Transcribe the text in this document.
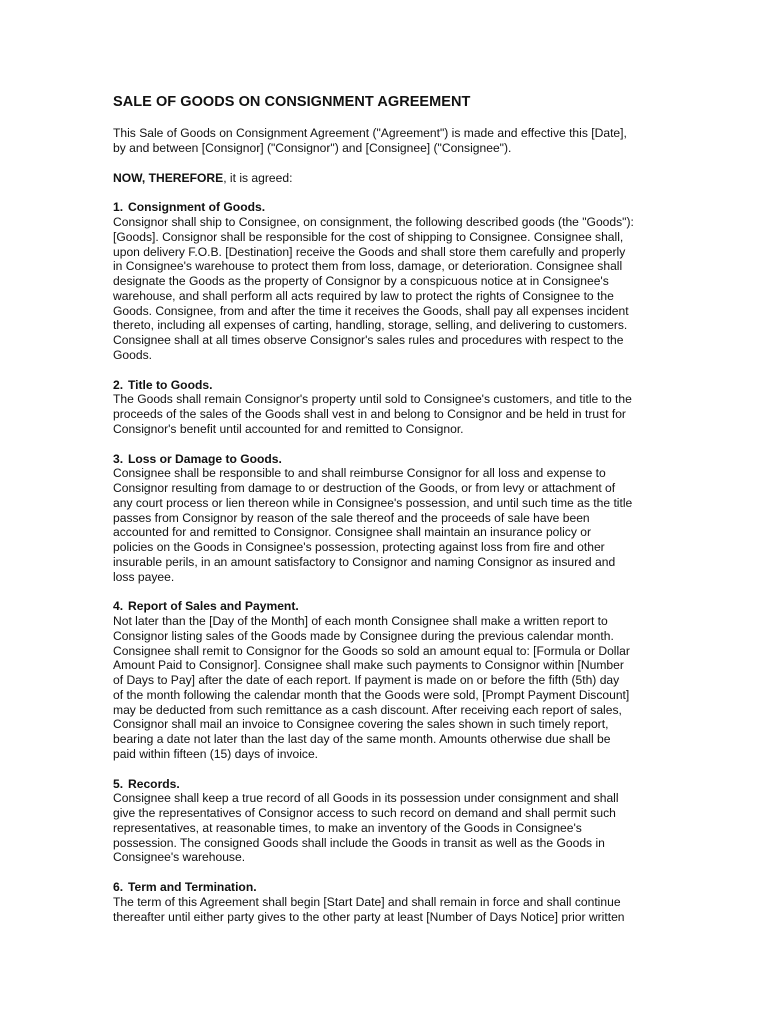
SALE OF GOODS ON CONSIGNMENT AGREEMENT

This Sale of Goods on Consignment Agreement ("Agreement") is made and effective this [Date],
by and between [Consignor] ("Consignor") and [Consignee] ("Consignee").

NOW, THEREFORE, it is agreed:

1. Consignment of Goods.
Consignor shall ship to Consignee, on consignment, the following described goods (the "Goods"):
[Goods]. Consignor shall be responsible for the cost of shipping to Consignee. Consignee shall,
upon delivery F.O.B. [Destination] receive the Goods and shall store them carefully and properly
in Consignee's warehouse to protect them from loss, damage, or deterioration. Consignee shall
designate the Goods as the property of Consignor by a conspicuous notice at in Consignee's
warehouse, and shall perform all acts required by law to protect the rights of Consignee to the
Goods. Consignee, from and after the time it receives the Goods, shall pay all expenses incident
thereto, including all expenses of carting, handling, storage, selling, and delivering to customers.
Consignee shall at all times observe Consignor's sales rules and procedures with respect to the
Goods.
2. Title to Goods.
The Goods shall remain Consignor's property until sold to Consignee's customers, and title to the
proceeds of the sales of the Goods shall vest in and belong to Consignor and be held in trust for
Consignor's benefit until accounted for and remitted to Consignor.
3. Loss or Damage to Goods.
Consignee shall be responsible to and shall reimburse Consignor for all loss and expense to
Consignor resulting from damage to or destruction of the Goods, or from levy or attachment of
any court process or lien thereon while in Consignee's possession, and until such time as the title
passes from Consignor by reason of the sale thereof and the proceeds of sale have been
accounted for and remitted to Consignor. Consignee shall maintain an insurance policy or
policies on the Goods in Consignee's possession, protecting against loss from fire and other
insurable perils, in an amount satisfactory to Consignor and naming Consignor as insured and
loss payee.
4. Report of Sales and Payment.
Not later than the [Day of the Month] of each month Consignee shall make a written report to
Consignor listing sales of the Goods made by Consignee during the previous calendar month.
Consignee shall remit to Consignor for the Goods so sold an amount equal to: [Formula or Dollar
Amount Paid to Consignor]. Consignee shall make such payments to Consignor within [Number
of Days to Pay] after the date of each report. If payment is made on or before the fifth (5th) day
of the month following the calendar month that the Goods were sold, [Prompt Payment Discount]
may be deducted from such remittance as a cash discount. After receiving each report of sales,
Consignor shall mail an invoice to Consignee covering the sales shown in such timely report,
bearing a date not later than the last day of the same month. Amounts otherwise due shall be
paid within fifteen (15) days of invoice.
5. Records.
Consignee shall keep a true record of all Goods in its possession under consignment and shall
give the representatives of Consignor access to such record on demand and shall permit such
representatives, at reasonable times, to make an inventory of the Goods in Consignee's
possession. The consigned Goods shall include the Goods in transit as well as the Goods in
Consignee's warehouse.
6. Term and Termination.
The term of this Agreement shall begin [Start Date] and shall remain in force and shall continue
thereafter until either party gives to the other party at least [Number of Days Notice] prior written
